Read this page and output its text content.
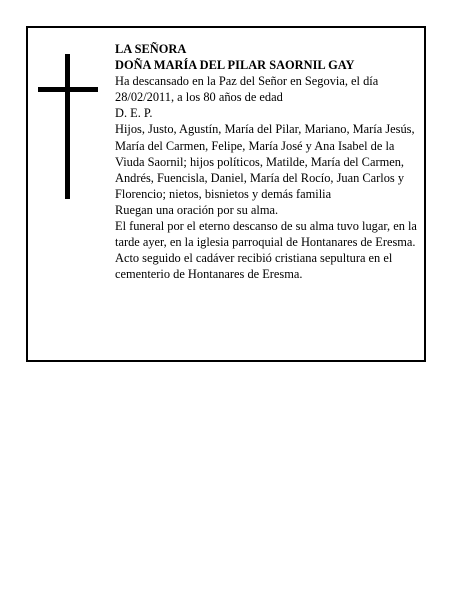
LA SEÑORA

DOÑA MARÍA DEL PILAR SAORNIL GAY

Ha descansado en la Paz del Señor en Segovia, el día 28/02/2011, a los 80 años de edad

D. E. P.

Hijos, Justo, Agustín, María del Pilar, Mariano, María Jesús, María del Carmen, Felipe, María José y Ana Isabel de la Viuda Saornil; hijos políticos, Matilde, María del Carmen, Andrés, Fuencisla, Daniel, María del Rocío, Juan Carlos y Florencio; nietos, bisnietos y demás familia

Ruegan una oración por su alma.

El funeral por el eterno descanso de su alma tuvo lugar, en la tarde ayer, en la iglesia parroquial de Hontanares de Eresma. Acto seguido el cadáver recibió cristiana sepultura en el cementerio de Hontanares de Eresma.
